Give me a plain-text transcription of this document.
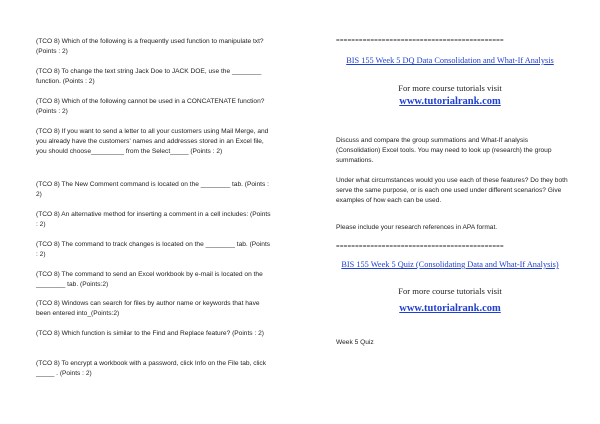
(TCO 8) Which of the following is a frequently used function to manipulate txt? (Points : 2)

(TCO 8) To change the text string Jack Doe to JACK DOE, use the ________ function. (Points : 2)

(TCO 8) Which of the following cannot be used in a CONCATENATE function? (Points : 2)

(TCO 8) If you want to send a letter to all your customers using Mail Merge, and you already have the customers' names and addresses stored in an Excel file, you should choose_________ from the Select_____ (Points : 2)

(TCO 8) The New Comment command is located on the ________ tab. (Points : 2)

(TCO 8) An alternative method for inserting a comment in a cell includes: (Points : 2)

(TCO 8) The command to track changes is located on the ________ tab. (Points : 2)

(TCO 8) The command to send an Excel workbook by e-mail is located on the ________ tab. (Points:2)

(TCO 8) Windows can search for files by author name or keywords that have been entered into_(Points:2)

(TCO 8) Which function is similar to the Find and Replace feature? (Points : 2)

(TCO 8) To encrypt a workbook with a password, click Info on the File tab, click _____ . (Points : 2)

============================================
BIS 155 Week 5 DQ Data Consolidation and What-If Analysis
For more course tutorials visit
www.tutorialrank.com

Discuss and compare the group summations and What-If analysis (Consolidation) Excel tools. You may need to look up (research) the group summations.

Under what circumstances would you use each of these features? Do they both serve the same purpose, or is each one used under different scenarios? Give examples of how each can be used.

Please include your research references in APA format.

============================================
BIS 155 Week 5 Quiz (Consolidating Data and What-If Analysis)
For more course tutorials visit
www.tutorialrank.com

Week 5 Quiz
